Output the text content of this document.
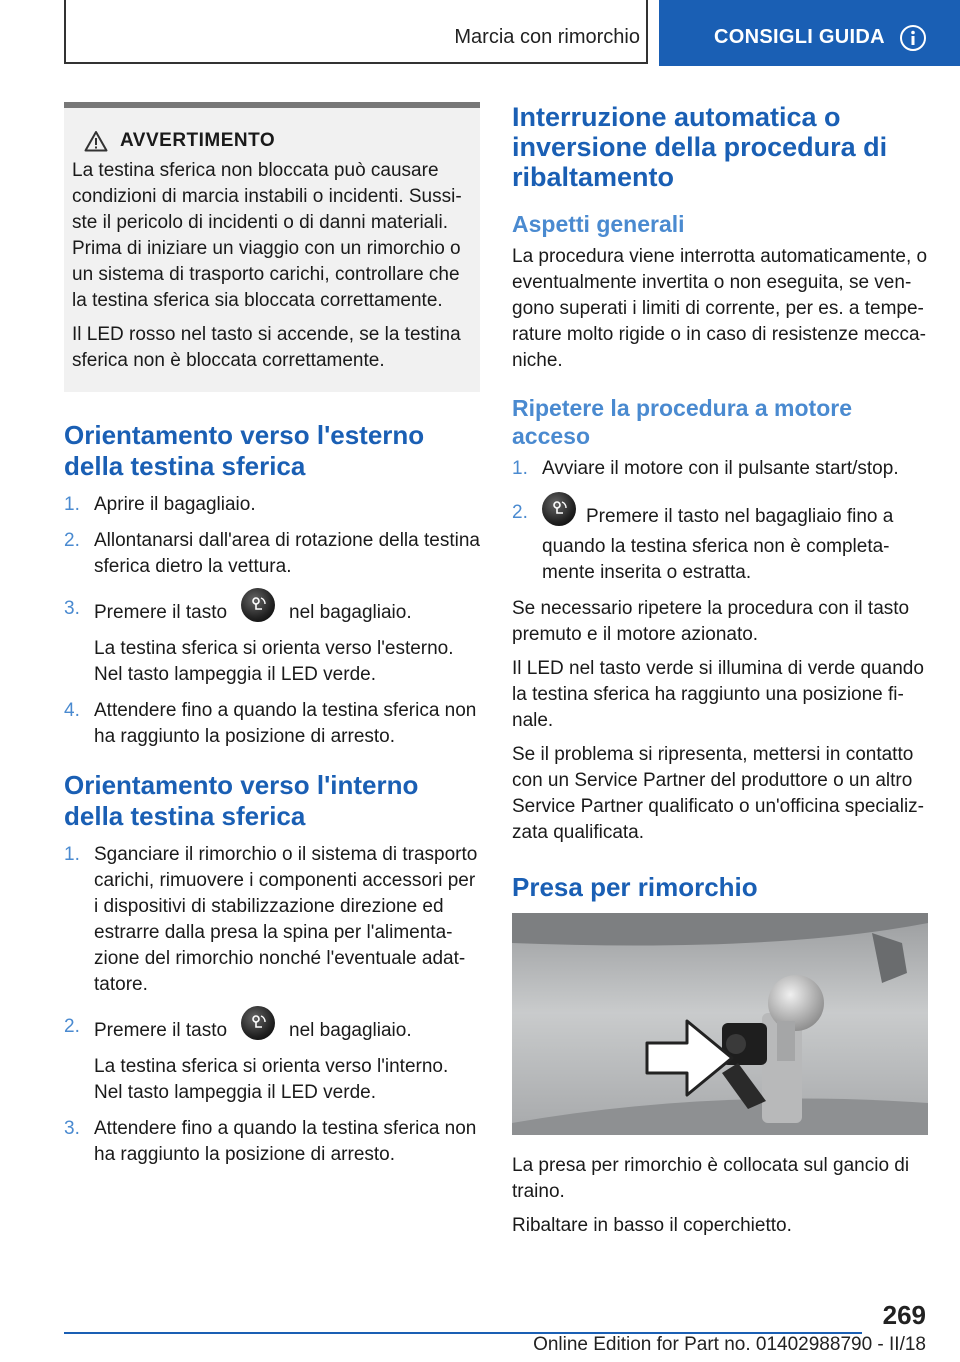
Marcia con rimorchio	CONSIGLI GUIDA
AVVERTIMENTO

La testina sferica non bloccata può causare condizioni di marcia instabili o incidenti. Sussiste il pericolo di incidenti o di danni materiali. Prima di iniziare un viaggio con un rimorchio o un sistema di trasporto carichi, controllare che la testina sferica sia bloccata correttamente.

Il LED rosso nel tasto si accende, se la testina sferica non è bloccata correttamente.

Orientamento verso l'esterno della testina sferica
1. Aprire il bagagliaio.

2. Allontanarsi dall'area di rotazione della testina sferica dietro la vettura.

3. Premere il tasto	nel bagagliaio.

La testina sferica si orienta verso l'esterno. Nel tasto lampeggia il LED verde.

4. Attendere fino a quando la testina sferica non ha raggiunto la posizione di arresto.

Orientamento verso l'interno della testina sferica
1. Sganciare il rimorchio o il sistema di trasporto carichi, rimuovere i componenti accessori per i dispositivi di stabilizzazione direzione ed estrarre dalla presa la spina per l'alimentazione del rimorchio nonché l'eventuale adattatore.

2. Premere il tasto	nel bagagliaio.

La testina sferica si orienta verso l'interno. Nel tasto lampeggia il LED verde.

3. Attendere fino a quando la testina sferica non ha raggiunto la posizione di arresto.

Interruzione automatica o inversione della procedura di ribaltamento
Aspetti generali

La procedura viene interrotta automaticamente, o eventualmente invertita o non eseguita, se vengono superati i limiti di corrente, per es. a temperature molto rigide o in caso di resistenze meccaniche.

Ripetere la procedura a motore acceso
1. Avviare il motore con il pulsante start/stop.

2.	Premere il tasto nel bagagliaio fino a quando la testina sferica non è completamente inserita o estratta.

Se necessario ripetere la procedura con il tasto premuto e il motore azionato.

Il LED nel tasto verde si illumina di verde quando la testina sferica ha raggiunto una posizione finale.

Se il problema si ripresenta, mettersi in contatto con un Service Partner del produttore o un altro Service Partner qualificato o un'officina specializzata qualificata.

Presa per rimorchio

La presa per rimorchio è collocata sul gancio di traino.

Ribaltare in basso il coperchietto.

269
Online Edition for Part no. 01402988790 - II/18
